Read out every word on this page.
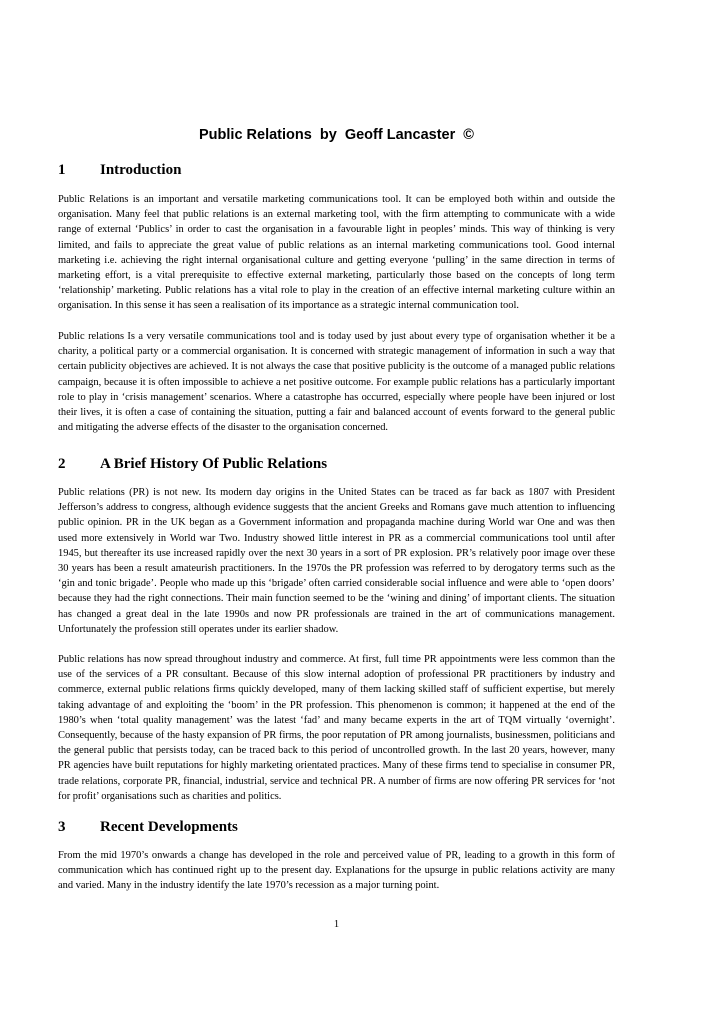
Public Relations  by  Geoff Lancaster  ©
1 Introduction

Public Relations is an important and versatile marketing communications tool. It can be employed both within and outside the organisation. Many feel that public relations is an external marketing tool, with the firm attempting to communicate with a wide range of external ‘Publics’ in order to cast the organisation in a favourable light in peoples’ minds. This way of thinking is very limited, and fails to appreciate the great value of public relations as an internal marketing communications tool. Good internal marketing i.e. achieving the right internal organisational culture and getting everyone ‘pulling’ in the same direction in terms of marketing effort, is a vital prerequisite to effective external marketing, particularly those based on the concepts of long term ‘relationship’ marketing. Public relations has a vital role to play in the creation of an effective internal marketing culture within an organisation. In this sense it has seen a realisation of its importance as a strategic internal communication tool.

Public relations Is a very versatile communications tool and is today used by just about every type of organisation whether it be a charity, a political party or a commercial organisation. It is concerned with strategic management of information in such a way that certain publicity objectives are achieved. It is not always the case that positive publicity is the outcome of a managed public relations campaign, because it is often impossible to achieve a net positive outcome. For example public relations has a particularly important role to play in ‘crisis management’ scenarios. Where a catastrophe has occurred, especially where people have been injured or lost their lives, it is often a case of containing the situation, putting a fair and balanced account of events forward to the general public and mitigating the adverse effects of the disaster to the organisation concerned.

2 A Brief History Of Public Relations

Public relations (PR) is not new. Its modern day origins in the United States can be traced as far back as 1807 with President Jefferson’s address to congress, although evidence suggests that the ancient Greeks and Romans gave much attention to influencing public opinion. PR in the UK began as a Government information and propaganda machine during World war One and was then used more extensively in World war Two. Industry showed little interest in PR as a commercial communications tool until after 1945, but thereafter its use increased rapidly over the next 30 years in a sort of PR explosion. PR’s relatively poor image over these 30 years has been a result amateurish practitioners. In the 1970s the PR profession was referred to by derogatory terms such as the ‘gin and tonic brigade’. People who made up this ‘brigade’ often carried considerable social influence and were able to ‘open doors’ because they had the right connections. Their main function seemed to be the ‘wining and dining’ of important clients. The situation has changed a great deal in the late 1990s and now PR professionals are trained in the art of communications management. Unfortunately the profession still operates under its earlier shadow.

Public relations has now spread throughout industry and commerce. At first, full time PR appointments were less common than the use of the services of a PR consultant. Because of this slow internal adoption of professional PR practitioners by industry and commerce, external public relations firms quickly developed, many of them lacking skilled staff of sufficient expertise, but merely taking advantage of and exploiting the ‘boom’ in the PR profession. This phenomenon is common; it happened at the end of the 1980’s when ‘total quality management’ was the latest ‘fad’ and many became experts in the art of TQM virtually ‘overnight’. Consequently, because of the hasty expansion of PR firms, the poor reputation of PR among journalists, businessmen, politicians and the general public that persists today, can be traced back to this period of uncontrolled growth. In the last 20 years, however, many PR agencies have built reputations for highly marketing orientated practices. Many of these firms tend to specialise in consumer PR, trade relations, corporate PR, financial, industrial, service and technical PR. A number of firms are now offering PR services for ‘not for profit’ organisations such as charities and politics.

3 Recent Developments

From the mid 1970’s onwards a change has developed in the role and perceived value of PR, leading to a growth in this form of communication which has continued right up to the present day. Explanations for the upsurge in public relations activity are many and varied. Many in the industry identify the late 1970’s recession as a major turning point.

1
